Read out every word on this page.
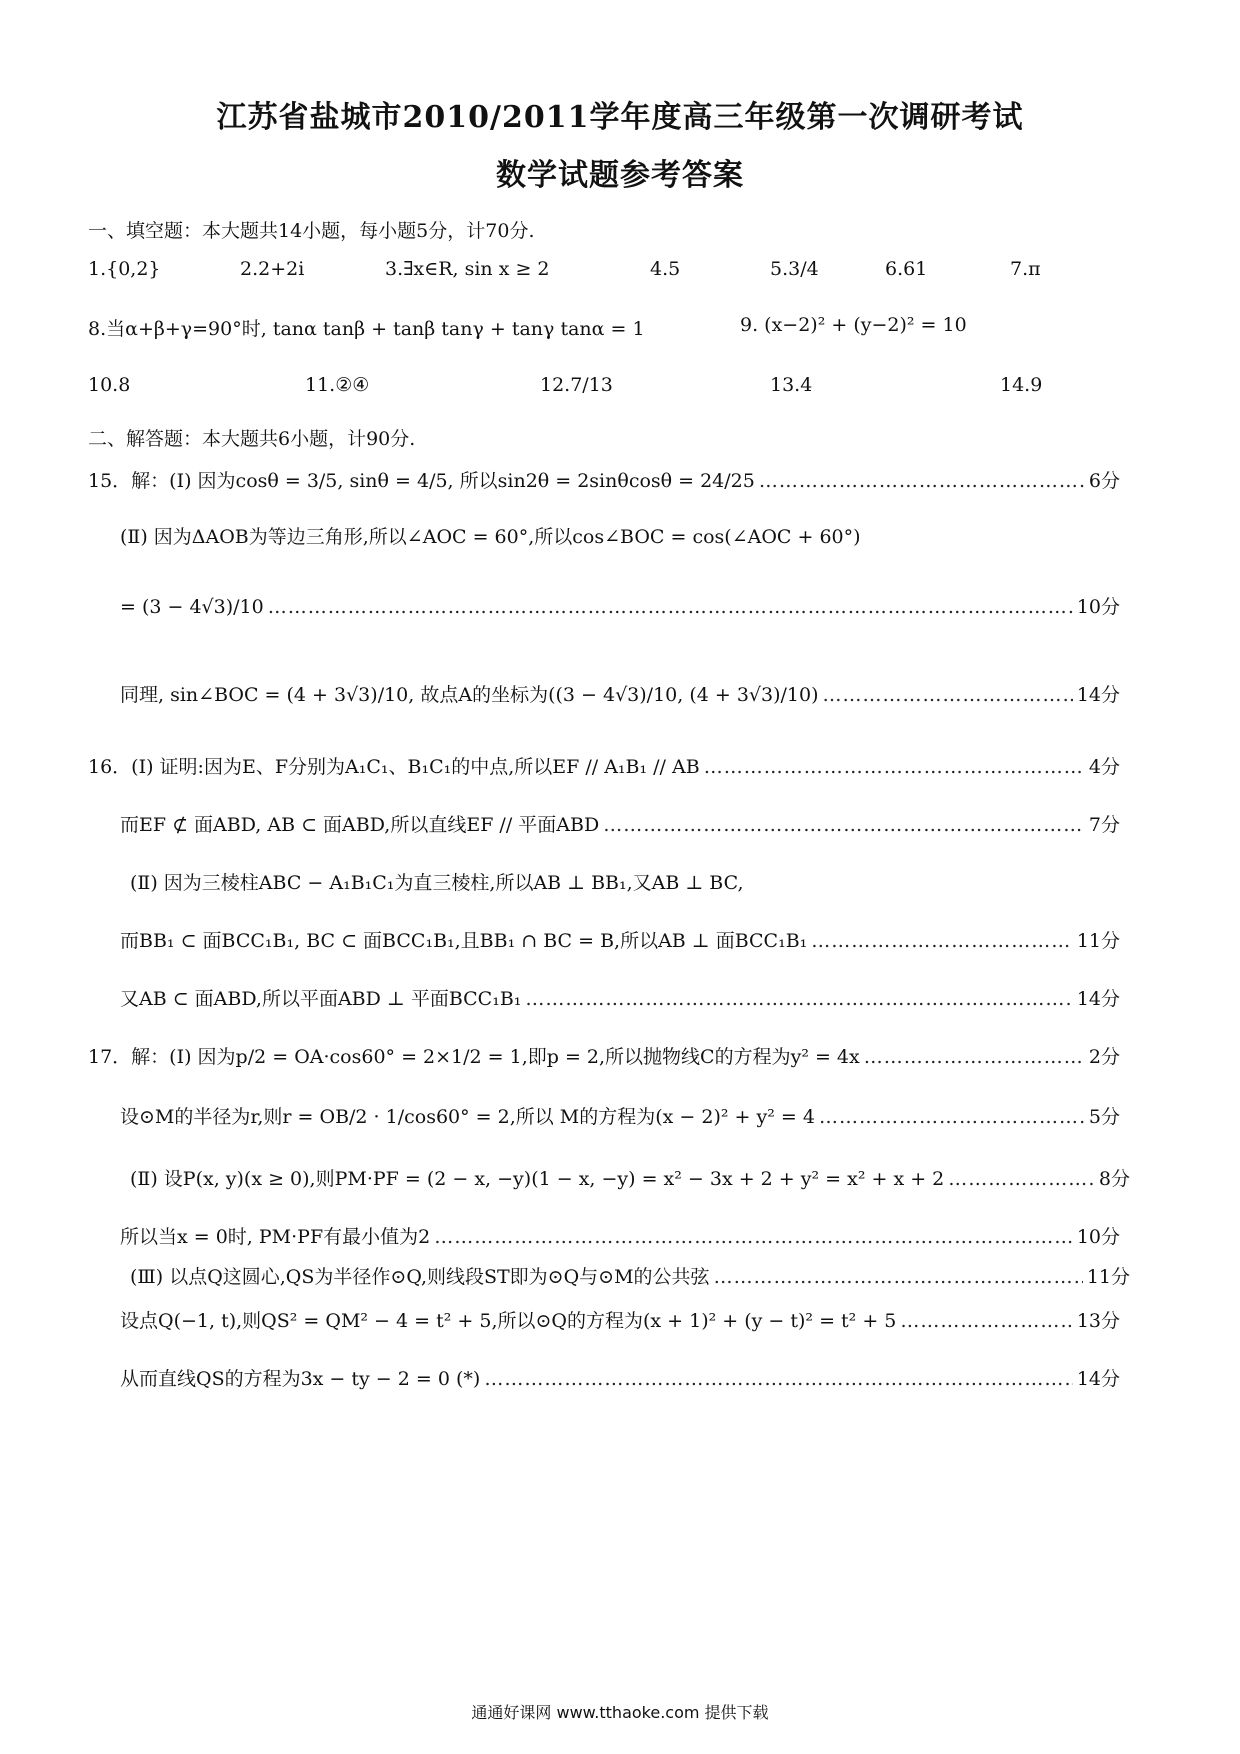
江苏省盐城市2010/2011学年度高三年级第一次调研考试
数学试题参考答案
一、填空题：本大题共14小题，每小题5分，计70分.
1.{0,2}	2.2+2i	3.∃x∈R, sin x ≥ 2	4.5	5.3/4	6.61	7.π
8.当α+β+γ=90°时, tanα tanβ + tanβ tanγ + tanγ tanα = 1	9. (x−2)² + (y−2)² = 10
10.8	11.②④	12.7/13	13.4	14.9
二、解答题：本大题共6小题，计90分.
15．解：(Ⅰ) 因为cosθ = 3/5, sinθ = 4/5, 所以sin2θ = 2sinθcosθ = 24/25 ……………………………………………………………………………………………………………………………………………………………………………………………………	6分
(Ⅱ) 因为ΔAOB为等边三角形,所以∠AOC = 60°,所以cos∠BOC = cos(∠AOC + 60°)
= (3 − 4√3)/10 ……………………………………………………………………………………………………………………………………………………………………………………………………	10分
同理, sin∠BOC = (4 + 3√3)/10, 故点A的坐标为((3 − 4√3)/10, (4 + 3√3)/10) ……………………………………………………………………………………………………………………………………………………………………………………………………	14分
16．(Ⅰ) 证明:因为E、F分别为A₁C₁、B₁C₁的中点,所以EF // A₁B₁ // AB ……………………………………………………………………………………………………………………………………………………………………………………………………	4分
而EF ⊄ 面ABD, AB ⊂ 面ABD,所以直线EF // 平面ABD ……………………………………………………………………………………………………………………………………………………………………………………………………	7分
(Ⅱ) 因为三棱柱ABC − A₁B₁C₁为直三棱柱,所以AB ⊥ BB₁,又AB ⊥ BC,
而BB₁ ⊂ 面BCC₁B₁, BC ⊂ 面BCC₁B₁,且BB₁ ∩ BC = B,所以AB ⊥ 面BCC₁B₁ ……………………………………………………………………………………………………………………………………………………………………………………………………	11分
又AB ⊂ 面ABD,所以平面ABD ⊥ 平面BCC₁B₁ ……………………………………………………………………………………………………………………………………………………………………………………………………	14分
17．解：(Ⅰ) 因为p/2 = OA·cos60° = 2×1/2 = 1,即p = 2,所以抛物线C的方程为y² = 4x ……………………………………………………………………………………………………………………………………………………………………………………………………	2分
设⊙M的半径为r,则r = OB/2 · 1/cos60° = 2,所以 M的方程为(x − 2)² + y² = 4 ……………………………………………………………………………………………………………………………………………………………………………………………………	5分
(Ⅱ) 设P(x, y)(x ≥ 0),则PM·PF = (2 − x, −y)(1 − x, −y) = x² − 3x + 2 + y² = x² + x + 2 ……………………………………………………………………………………………………………………………………………………………………………………………………	8分
所以当x = 0时, PM·PF有最小值为2 ……………………………………………………………………………………………………………………………………………………………………………………………………	10分
(Ⅲ) 以点Q这圆心,QS为半径作⊙Q,则线段ST即为⊙Q与⊙M的公共弦 ……………………………………………………………………………………………………………………………………………………………………………………………………	11分
设点Q(−1, t),则QS² = QM² − 4 = t² + 5,所以⊙Q的方程为(x + 1)² + (y − t)² = t² + 5 ……………………………………………………………………………………………………………………………………………………………………………………………………	13分
从而直线QS的方程为3x − ty − 2 = 0 (*) ……………………………………………………………………………………………………………………………………………………………………………………………………	14分
通通好课网 www.tthaoke.com 提供下载
